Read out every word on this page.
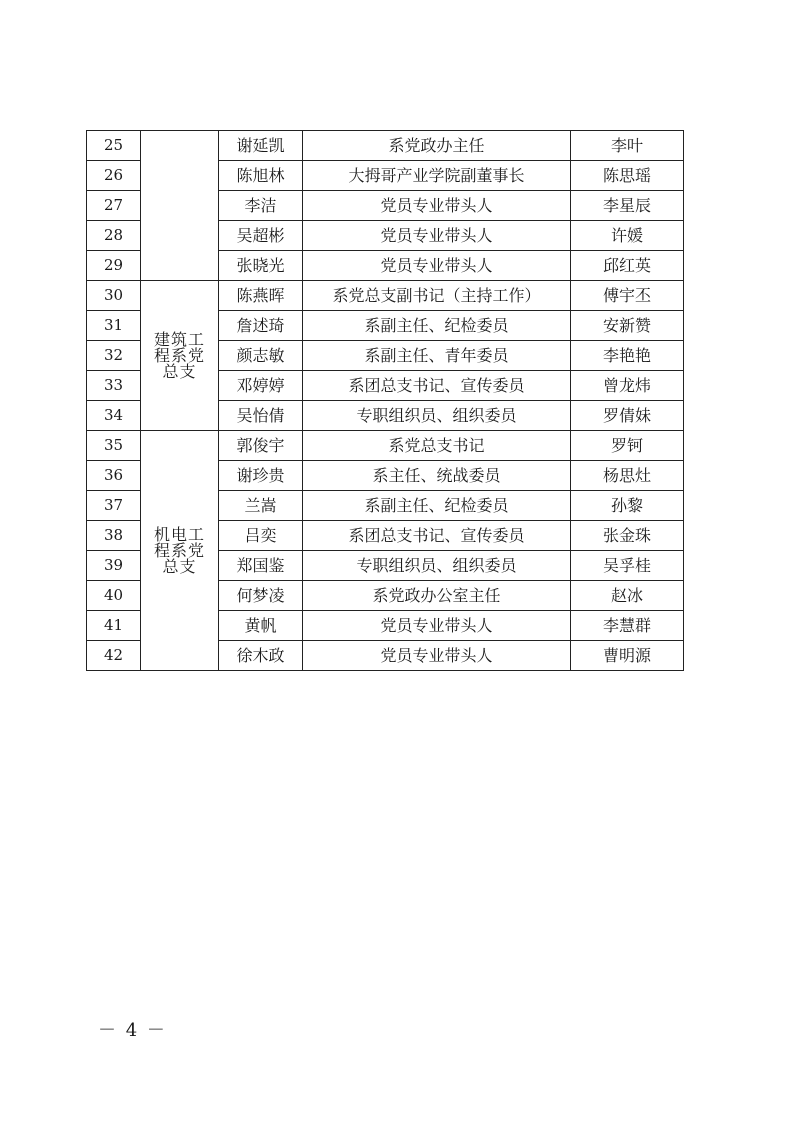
25		谢延凯	系党政办主任	李叶
26		陈旭林	大拇哥产业学院副董事长	陈思瑶
27		李洁	党员专业带头人	李星辰
28		吴超彬	党员专业带头人	许媛
29		张晓光	党员专业带头人	邱红英
30	建筑工程系党总支	陈燕晖	系党总支副书记（主持工作）	傅宇丕
31		詹述琦	系副主任、纪检委员	安新赞
32		颜志敏	系副主任、青年委员	李艳艳
33		邓婷婷	系团总支书记、宣传委员	曾龙炜
34		吴怡倩	专职组织员、组织委员	罗倩妹
35	机电工程系党总支	郭俊宇	系党总支书记	罗钶
36		谢珍贵	系主任、统战委员	杨思灶
37		兰嵩	系副主任、纪检委员	孙黎
38		吕奕	系团总支书记、宣传委员	张金珠
39		郑国鉴	专职组织员、组织委员	吴孚桂
40		何梦凌	系党政办公室主任	赵冰
41		黄帆	党员专业带头人	李慧群
42		徐木政	党员专业带头人	曹明源
－ 4 －
